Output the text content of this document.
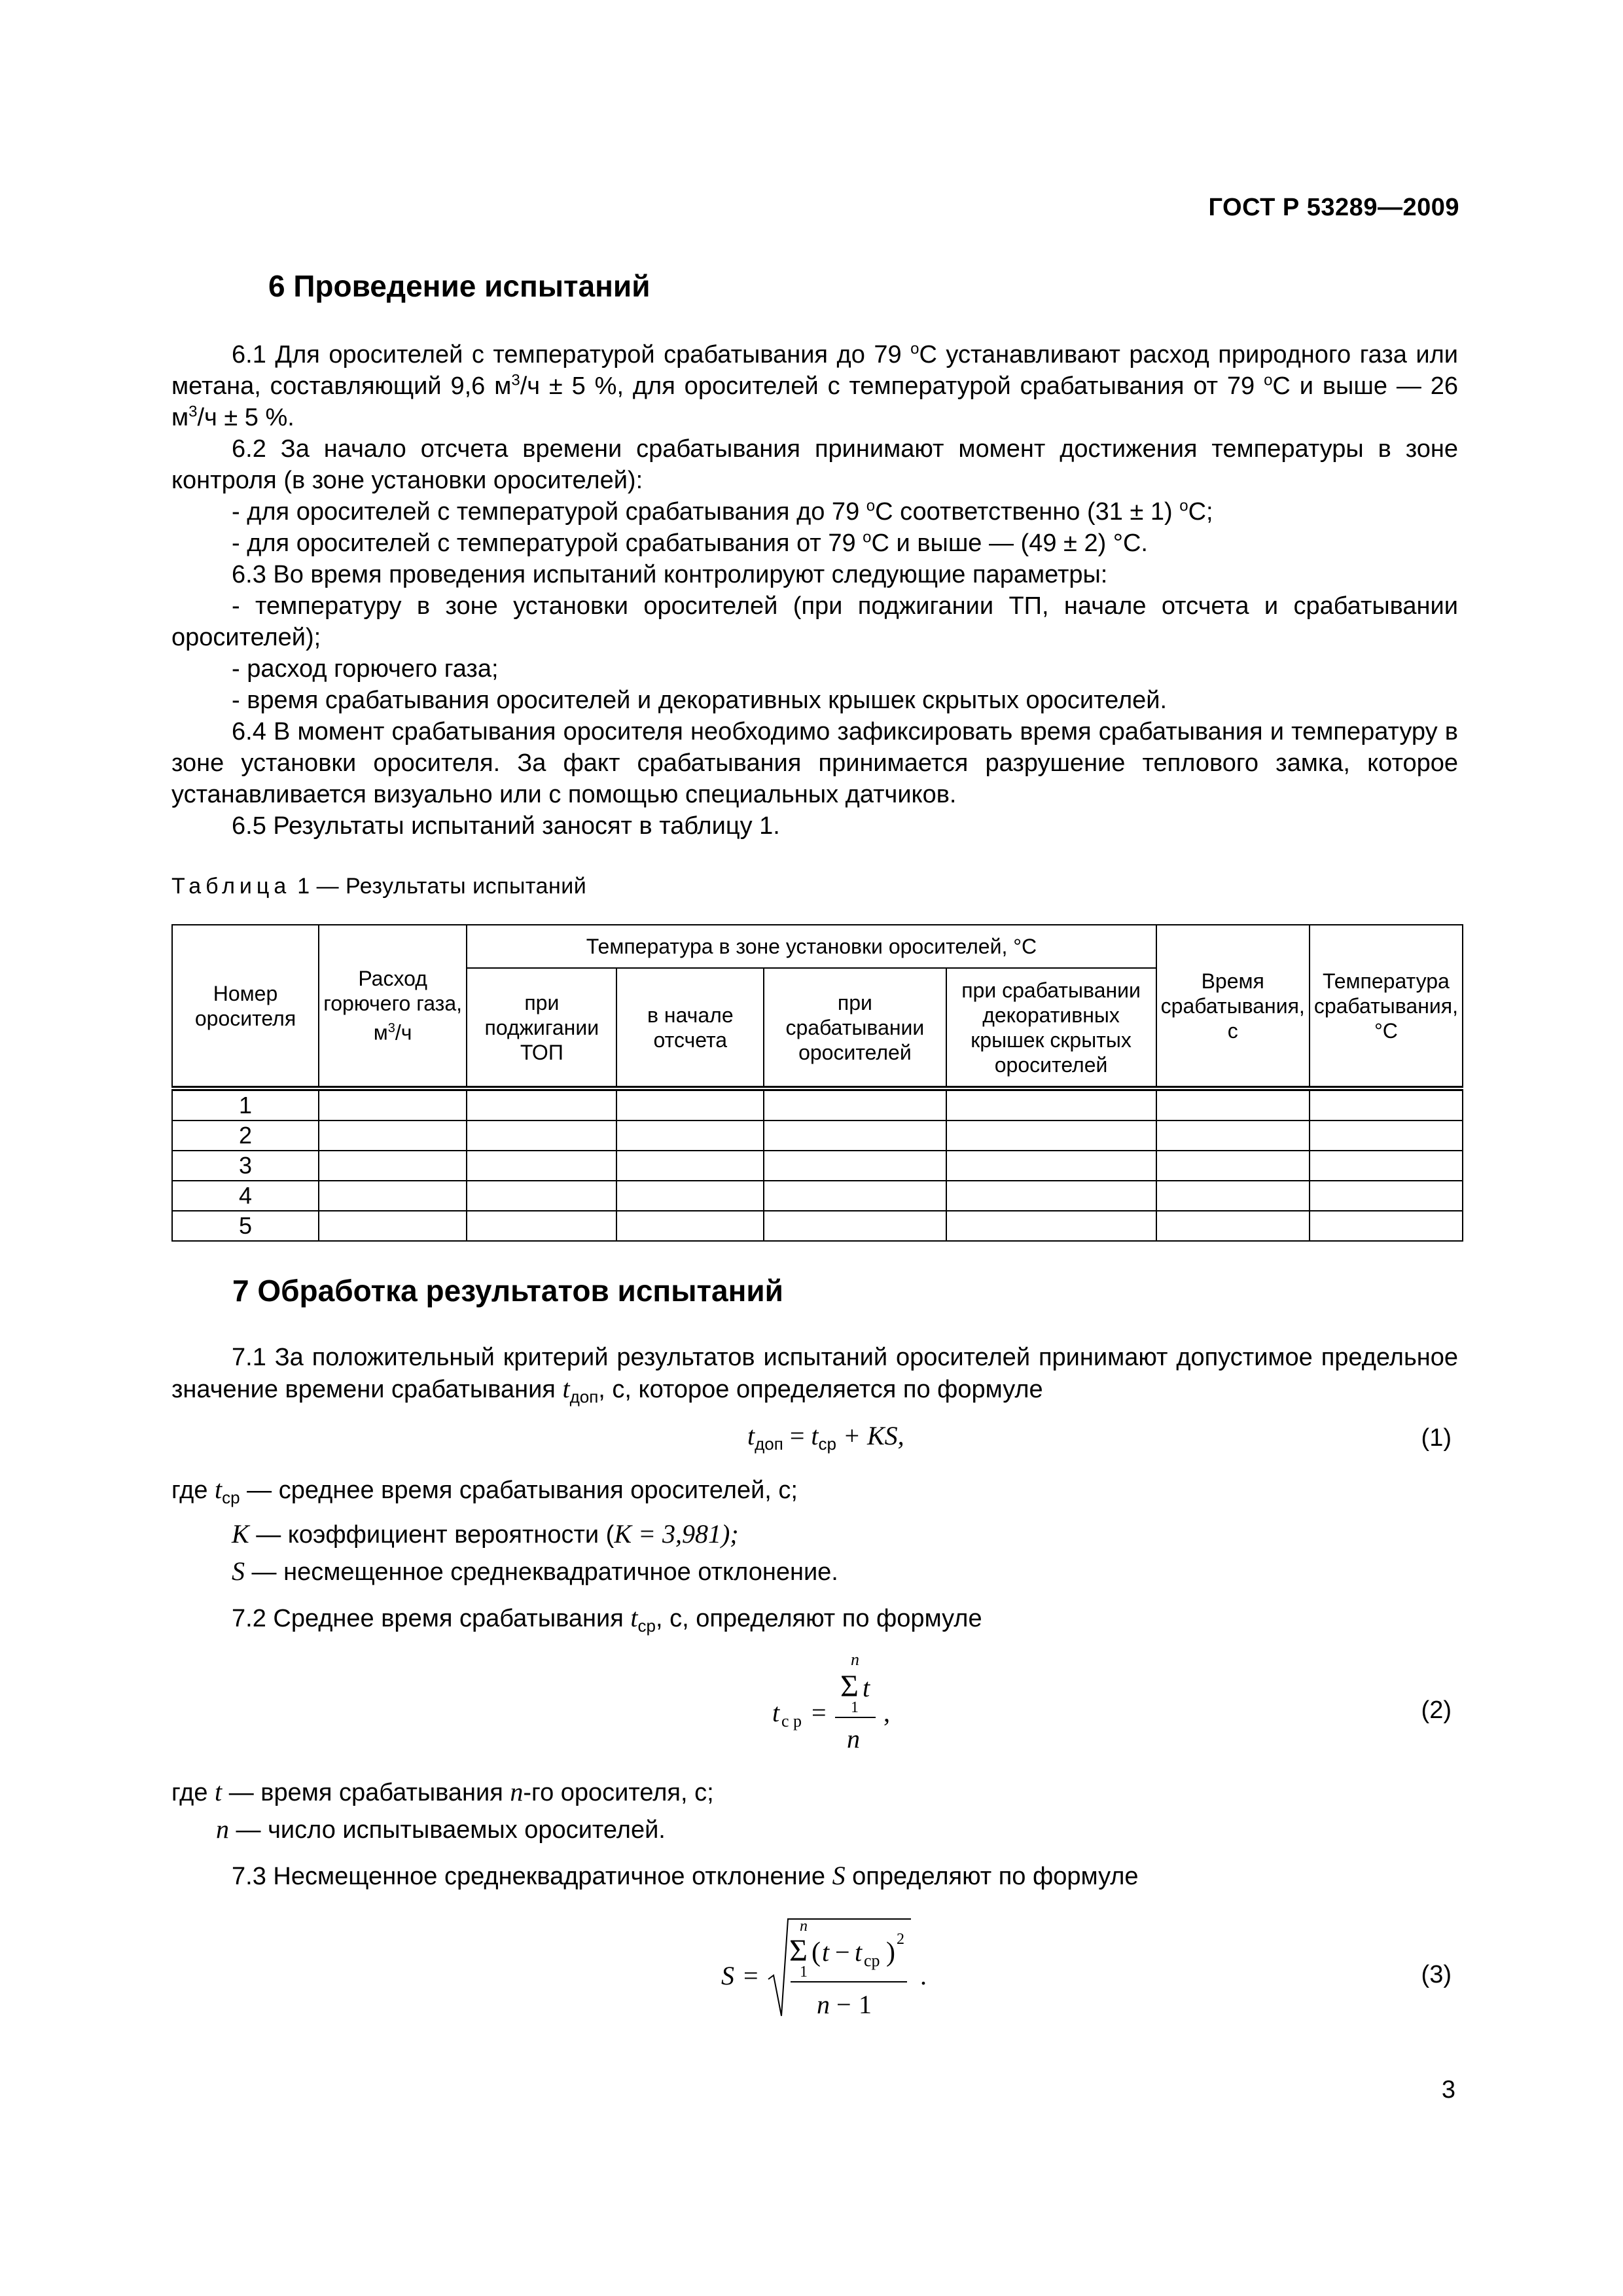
ГОСТ Р 53289—2009
6 Проведение испытаний

6.1 Для оросителей с температурой срабатывания до 79 $^о$С устанавливают расход природного газа или метана, составляющий 9,6 $м^3/ч \pm 5$ %, для оросителей с температурой срабатывания от 79 $^о$С и выше — 26 $м^3/ч \pm 5$ %.

6.2 За начало отсчета времени срабатывания принимают момент достижения температуры в зоне контроля (в зоне установки оросителей):

- для оросителей с температурой срабатывания до 79 $^о$С соответственно (31 ± 1) $^о$С;

- для оросителей с температурой срабатывания от 79 $^о$С и выше — (49 ± 2) °С.

6.3 Во время проведения испытаний контролируют следующие параметры:

- температуру в зоне установки оросителей (при поджигании ТП, начале отсчета и срабатывании оросителей);

- расход горючего газа;

- время срабатывания оросителей и декоративных крышек скрытых оросителей.

6.4 В момент срабатывания оросителя необходимо зафиксировать время срабатывания и температуру в зоне установки оросителя. За факт срабатывания принимается разрушение теплового замка, которое устанавливается визуально или с помощью специальных датчиков.

6.5 Результаты испытаний заносят в таблицу 1.

Таблица 1 — Результаты испытаний
Номер оросителя	Расход горючего газа, $м^3/ч$	Температура в зоне установки оросителей, °С				Время срабатывания, с	Температура срабатывания, °С
		при поджигании ТОП	в начале отсчета	при срабатывании оросителей	при срабатывании декоративных крышек скрытых оросителей		
1							
2							
3							
4							
5							
7 Обработка результатов испытаний

7.1 За положительный критерий результатов испытаний оросителей принимают допустимое предельное значение времени срабатывания $t_{доп}$, с, которое определяется по формуле

$t_{доп} = t_{ср}$ + KS,	(1)
где $t_{ср}$ — среднее время срабатывания оросителей, с;
K — коэффициент вероятности (K = 3,981);
S — несмещенное среднеквадратичное отклонение.

7.2 Среднее время срабатывания $t_{ср}$, с, определяют по формуле

t с р =
n
Σ t
1
n
,	(2)
где t — время срабатывания n-го оросителя, с;
n — число испытываемых оросителей.

7.3 Несмещенное среднеквадратичное отклонение S определяют по формуле

S =
n
Σ ( t − t ср ) 2
1
n − 1
.	(3)
3
